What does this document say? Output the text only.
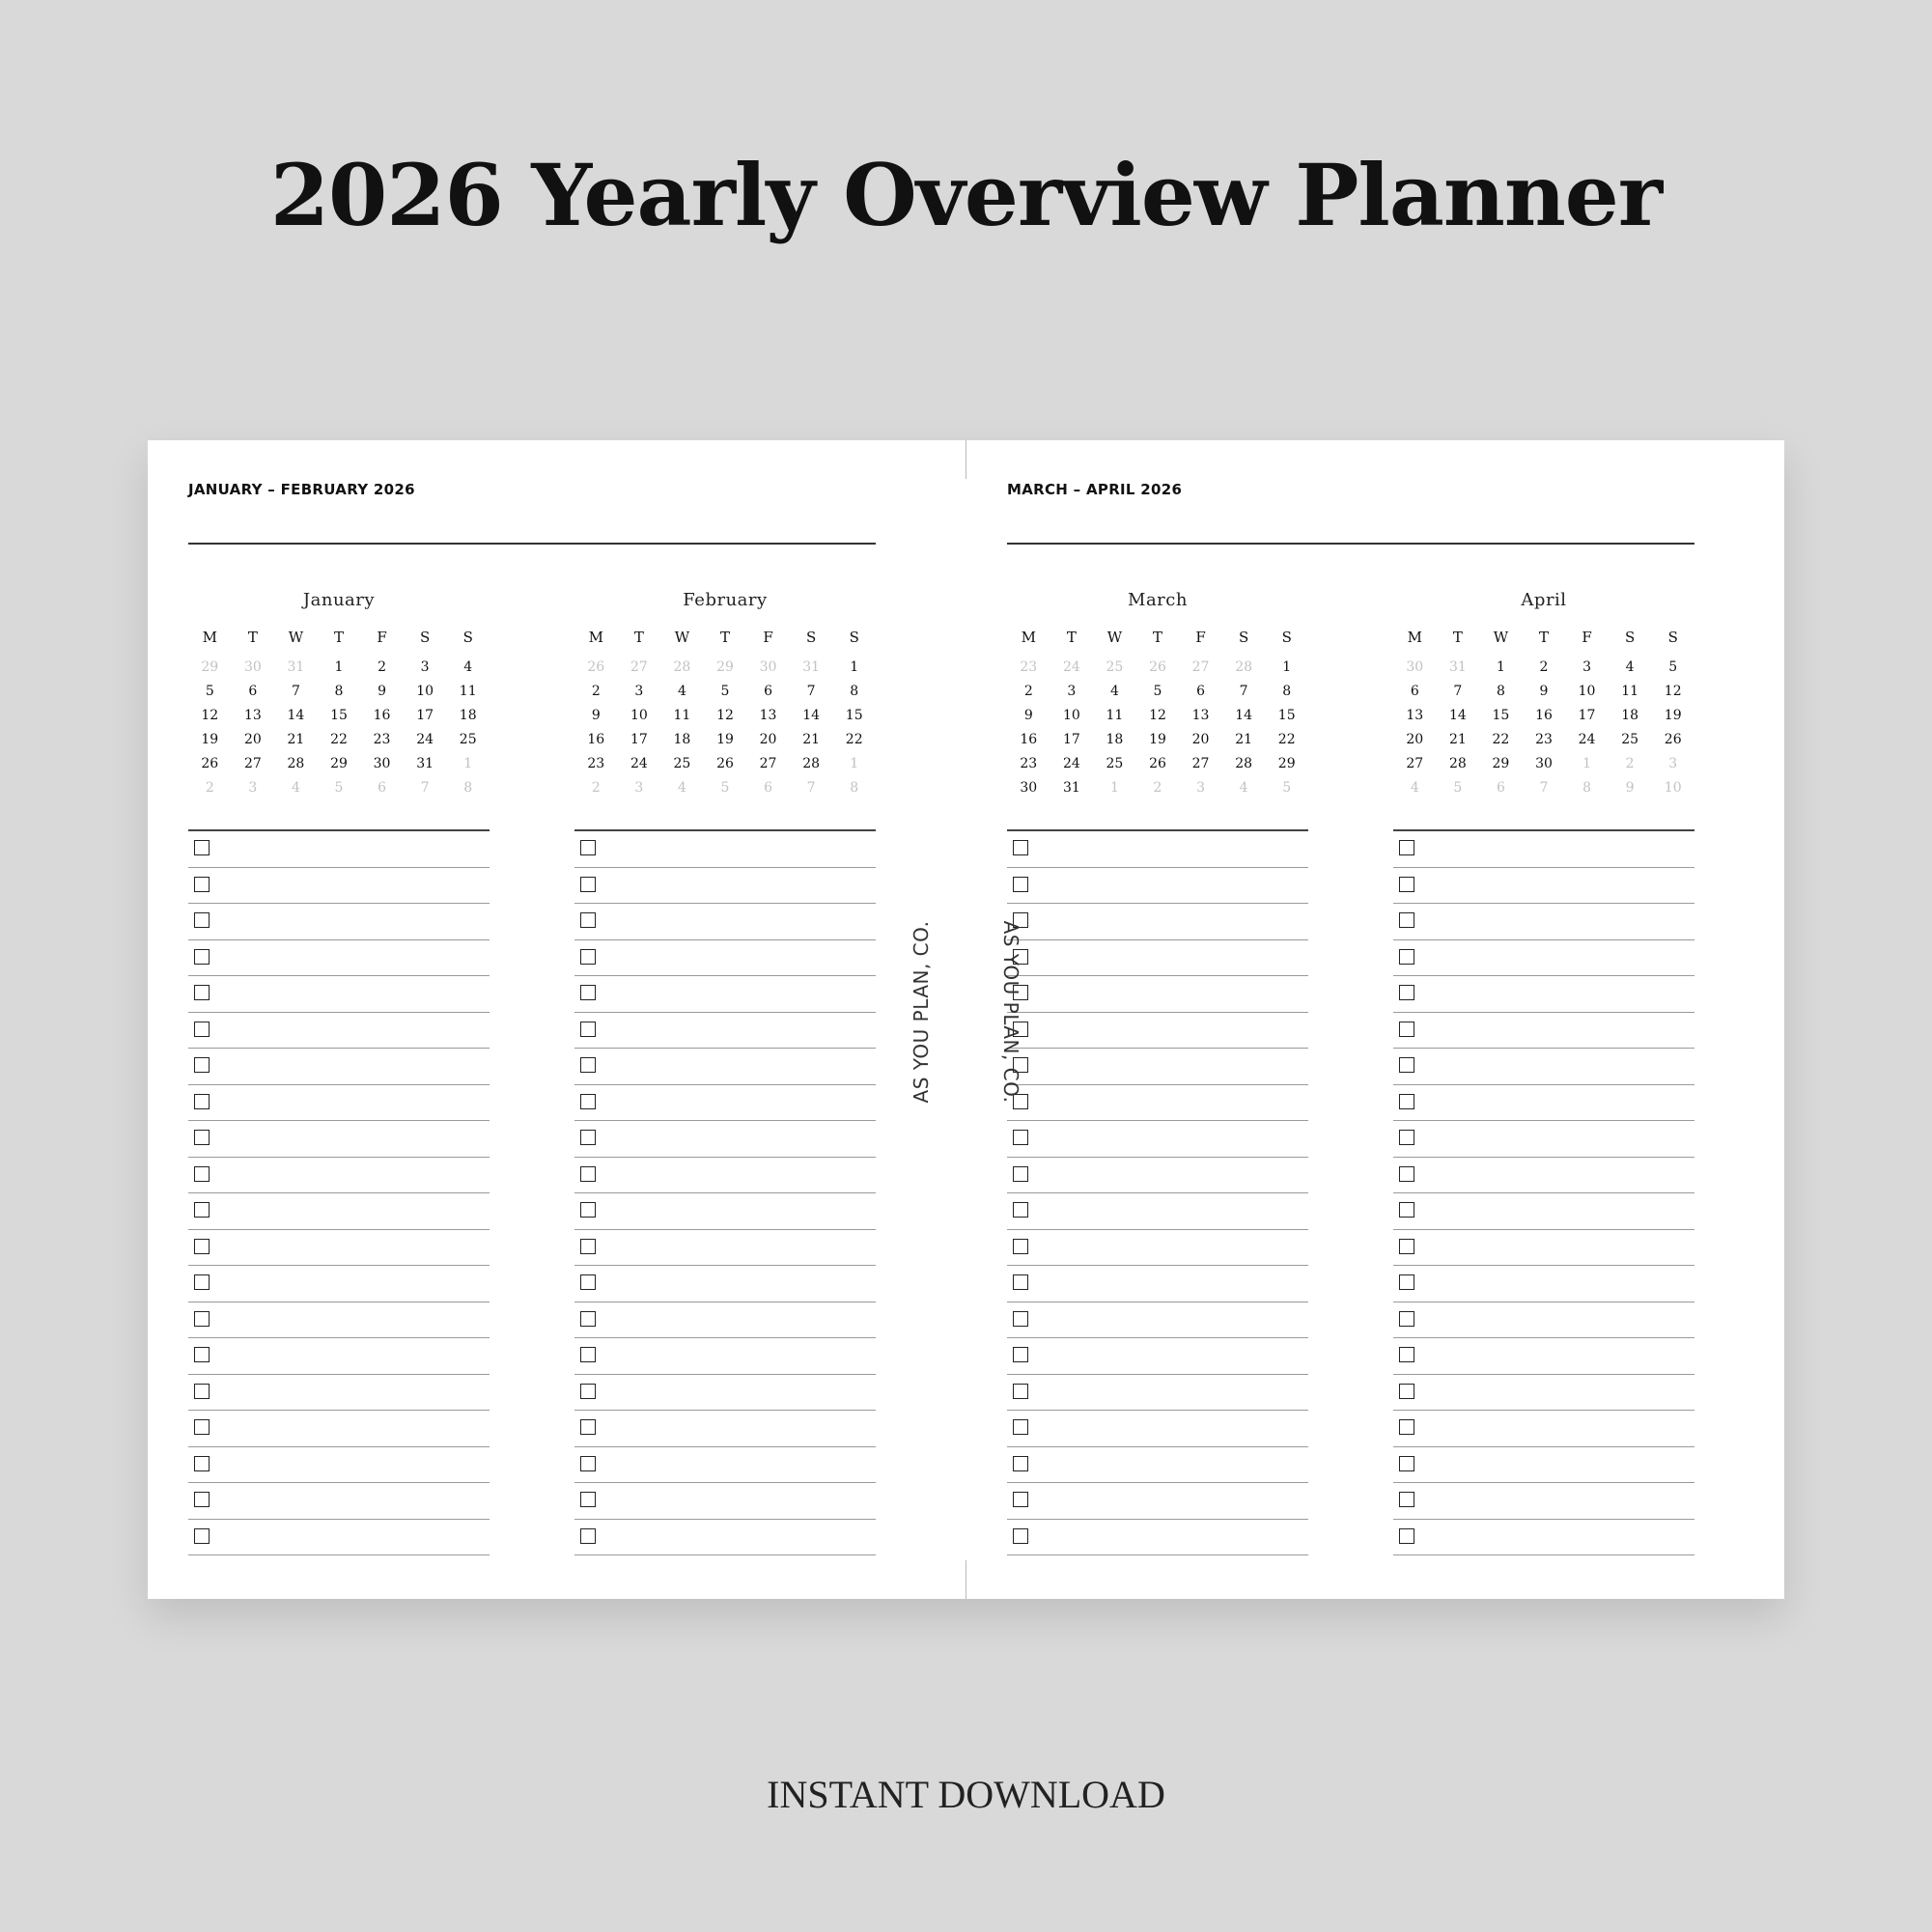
2026 Yearly Overview Planner
JANUARY – FEBRUARY 2026
January
M	T	W	T	F	S	S
29	30	31	1	2	3	4
5	6	7	8	9	10	11
12	13	14	15	16	17	18
19	20	21	22	23	24	25
26	27	28	29	30	31	1
2	3	4	5	6	7	8
February
M	T	W	T	F	S	S
26	27	28	29	30	31	1
2	3	4	5	6	7	8
9	10	11	12	13	14	15
16	17	18	19	20	21	22
23	24	25	26	27	28	1
2	3	4	5	6	7	8
AS YOU PLAN, CO.
MARCH – APRIL 2026
March
M	T	W	T	F	S	S
23	24	25	26	27	28	1
2	3	4	5	6	7	8
9	10	11	12	13	14	15
16	17	18	19	20	21	22
23	24	25	26	27	28	29
30	31	1	2	3	4	5
April
M	T	W	T	F	S	S
30	31	1	2	3	4	5
6	7	8	9	10	11	12
13	14	15	16	17	18	19
20	21	22	23	24	25	26
27	28	29	30	1	2	3
4	5	6	7	8	9	10
AS YOU PLAN, CO.
INSTANT DOWNLOAD
